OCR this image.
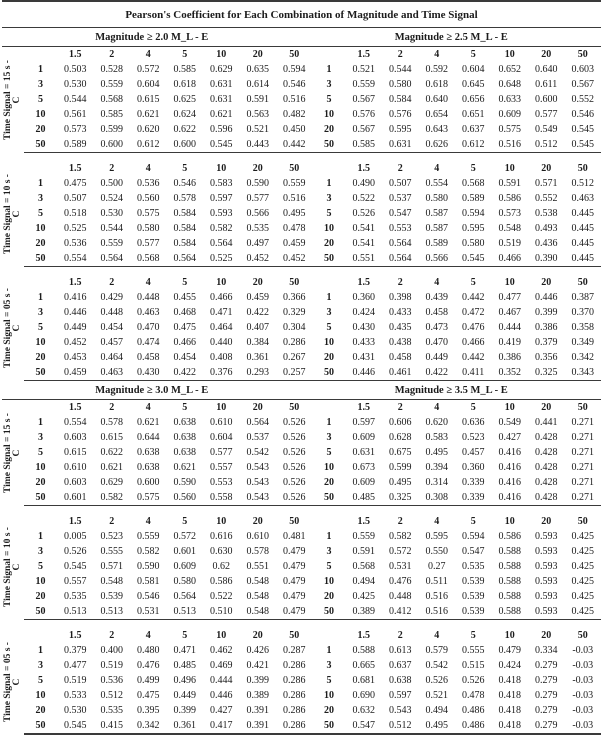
Pearson's Coefficient for Each Combination of Magnitude and Time Signal
Magnitude ≥ 2.0 M_L - E	Magnitude ≥ 2.5 M_L - E
Time Signal = 15 s - C
	1.5	2	4	5	10	20	50		1.5	2	4	5	10	20	50
1	0.503	0.528	0.572	0.585	0.629	0.635	0.594	1	0.521	0.544	0.592	0.604	0.652	0.640	0.603
3	0.530	0.559	0.604	0.618	0.631	0.614	0.546	3	0.559	0.580	0.618	0.645	0.648	0.611	0.567
5	0.544	0.568	0.615	0.625	0.631	0.591	0.516	5	0.567	0.584	0.640	0.656	0.633	0.600	0.552
10	0.561	0.585	0.621	0.624	0.621	0.563	0.482	10	0.576	0.576	0.654	0.651	0.609	0.577	0.546
20	0.573	0.599	0.620	0.622	0.596	0.521	0.450	20	0.567	0.595	0.643	0.637	0.575	0.549	0.545
50	0.589	0.600	0.612	0.600	0.545	0.443	0.442	50	0.585	0.631	0.626	0.612	0.516	0.512	0.545
Time Signal = 10 s - C
	1.5	2	4	5	10	20	50		1.5	2	4	5	10	20	50
1	0.475	0.500	0.536	0.546	0.583	0.590	0.559	1	0.490	0.507	0.554	0.568	0.591	0.571	0.512
3	0.507	0.524	0.560	0.578	0.597	0.577	0.516	3	0.522	0.537	0.580	0.589	0.586	0.552	0.463
5	0.518	0.530	0.575	0.584	0.593	0.566	0.495	5	0.526	0.547	0.587	0.594	0.573	0.538	0.445
10	0.525	0.544	0.580	0.584	0.582	0.535	0.478	10	0.541	0.553	0.587	0.595	0.548	0.493	0.445
20	0.536	0.559	0.577	0.584	0.564	0.497	0.459	20	0.541	0.564	0.589	0.580	0.519	0.436	0.445
50	0.554	0.564	0.568	0.564	0.525	0.452	0.452	50	0.551	0.564	0.566	0.545	0.466	0.390	0.445
Time Signal = 05 s - C
	1.5	2	4	5	10	20	50		1.5	2	4	5	10	20	50
1	0.416	0.429	0.448	0.455	0.466	0.459	0.366	1	0.360	0.398	0.439	0.442	0.477	0.446	0.387
3	0.446	0.448	0.463	0.468	0.471	0.422	0.329	3	0.424	0.433	0.458	0.472	0.467	0.399	0.370
5	0.449	0.454	0.470	0.475	0.464	0.407	0.304	5	0.430	0.435	0.473	0.476	0.444	0.386	0.358
10	0.452	0.457	0.474	0.466	0.440	0.384	0.286	10	0.433	0.438	0.470	0.466	0.419	0.379	0.349
20	0.453	0.464	0.458	0.454	0.408	0.361	0.267	20	0.431	0.458	0.449	0.442	0.386	0.356	0.342
50	0.459	0.463	0.430	0.422	0.376	0.293	0.257	50	0.446	0.461	0.422	0.411	0.352	0.325	0.343
Magnitude ≥ 3.0 M_L - E	Magnitude ≥ 3.5 M_L - E
Time Signal = 15 s - C
	1.5	2	4	5	10	20	50		1.5	2	4	5	10	20	50
1	0.554	0.578	0.621	0.638	0.610	0.564	0.526	1	0.597	0.606	0.620	0.636	0.549	0.441	0.271
3	0.603	0.615	0.644	0.638	0.604	0.537	0.526	3	0.609	0.628	0.583	0.523	0.427	0.428	0.271
5	0.615	0.622	0.638	0.638	0.577	0.542	0.526	5	0.631	0.675	0.495	0.457	0.416	0.428	0.271
10	0.610	0.621	0.638	0.621	0.557	0.543	0.526	10	0.673	0.599	0.394	0.360	0.416	0.428	0.271
20	0.603	0.629	0.600	0.590	0.553	0.543	0.526	20	0.609	0.495	0.314	0.339	0.416	0.428	0.271
50	0.601	0.582	0.575	0.560	0.558	0.543	0.526	50	0.485	0.325	0.308	0.339	0.416	0.428	0.271
Time Signal = 10 s - C
	1.5	2	4	5	10	20	50		1.5	2	4	5	10	20	50
1	0.005	0.523	0.559	0.572	0.616	0.610	0.481	1	0.559	0.582	0.595	0.594	0.586	0.593	0.425
3	0.526	0.555	0.582	0.601	0.630	0.578	0.479	3	0.591	0.572	0.550	0.547	0.588	0.593	0.425
5	0.545	0.571	0.590	0.609	0.62	0.551	0.479	5	0.568	0.531	0.27	0.535	0.588	0.593	0.425
10	0.557	0.548	0.581	0.580	0.586	0.548	0.479	10	0.494	0.476	0.511	0.539	0.588	0.593	0.425
20	0.535	0.539	0.546	0.564	0.522	0.548	0.479	20	0.425	0.448	0.516	0.539	0.588	0.593	0.425
50	0.513	0.513	0.531	0.513	0.510	0.548	0.479	50	0.389	0.412	0.516	0.539	0.588	0.593	0.425
Time Signal = 05 s - C
	1.5	2	4	5	10	20	50		1.5	2	4	5	10	20	50
1	0.379	0.400	0.480	0.471	0.462	0.426	0.287	1	0.588	0.613	0.579	0.555	0.479	0.334	-0.03
3	0.477	0.519	0.476	0.485	0.469	0.421	0.286	3	0.665	0.637	0.542	0.515	0.424	0.279	-0.03
5	0.519	0.536	0.499	0.496	0.444	0.399	0.286	5	0.681	0.638	0.526	0.526	0.418	0.279	-0.03
10	0.533	0.512	0.475	0.449	0.446	0.389	0.286	10	0.690	0.597	0.521	0.478	0.418	0.279	-0.03
20	0.530	0.535	0.395	0.399	0.427	0.391	0.286	20	0.632	0.543	0.494	0.486	0.418	0.279	-0.03
50	0.545	0.415	0.342	0.361	0.417	0.391	0.286	50	0.547	0.512	0.495	0.486	0.418	0.279	-0.03
